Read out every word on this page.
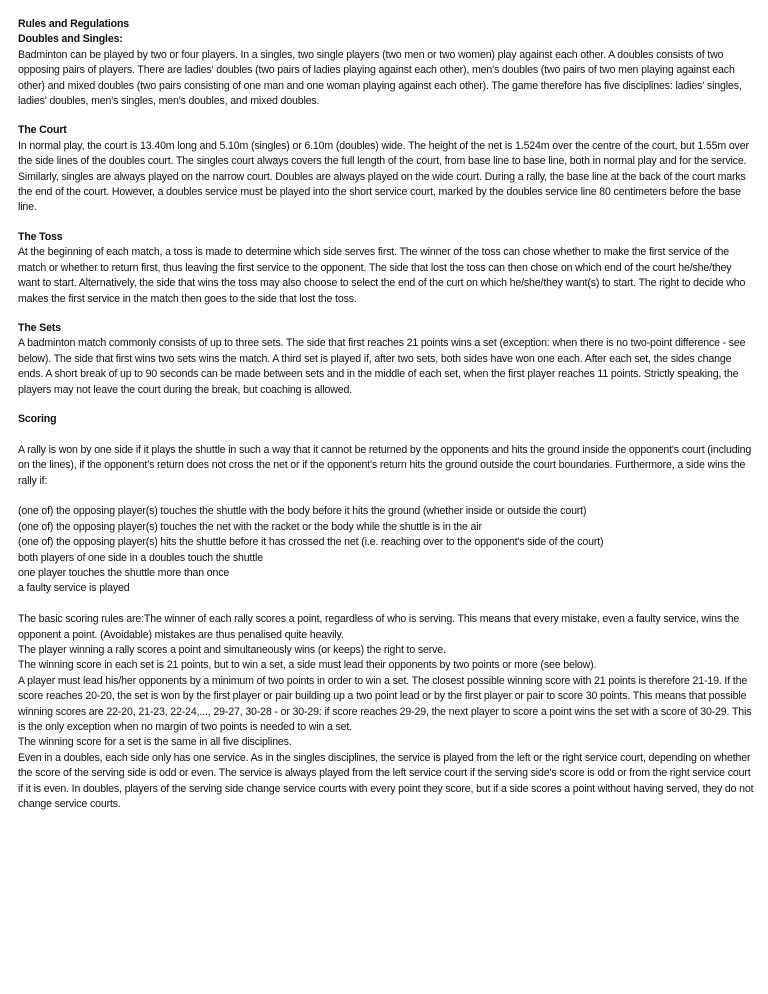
Rules and Regulations

Doubles and Singles:

Badminton can be played by two or four players. In a singles, two single players (two men or two women) play against each other. A doubles consists of two opposing pairs of players. There are ladies' doubles (two pairs of ladies playing against each other), men's doubles (two pairs of two men playing against each other) and mixed doubles (two pairs consisting of one man and one woman playing against each other). The game therefore has five disciplines: ladies' singles, ladies' doubles, men's singles, men's doubles, and mixed doubles.

The Court

In normal play, the court is 13.40m long and 5.10m (singles) or 6.10m (doubles) wide. The height of the net is 1.524m over the centre of the court, but 1.55m over the side lines of the doubles court. The singles court always covers the full length of the court, from base line to base line, both in normal play and for the service. Similarly, singles are always played on the narrow court. Doubles are always played on the wide court. During a rally, the base line at the back of the court marks the end of the court. However, a doubles service must be played into the short service court, marked by the doubles service line 80 centimeters before the base line.

The Toss

At the beginning of each match, a toss is made to determine which side serves first. The winner of the toss can chose whether to make the first service of the match or whether to return first, thus leaving the first service to the opponent. The side that lost the toss can then chose on which end of the court he/she/they want to start. Alternatively, the side that wins the toss may also choose to select the end of the curt on which he/she/they want(s) to start. The right to decide who makes the first service in the match then goes to the side that lost the toss.

The Sets

A badminton match commonly consists of up to three sets. The side that first reaches 21 points wins a set (exception: when there is no two-point difference - see below). The side that first wins two sets wins the match. A third set is played if, after two sets, both sides have won one each. After each set, the sides change ends. A short break of up to 90 seconds can be made between sets and in the middle of each set, when the first player reaches 11 points. Strictly speaking, the players may not leave the court during the break, but coaching is allowed.

Scoring

A rally is won by one side if it plays the shuttle in such a way that it cannot be returned by the opponents and hits the ground inside the opponent's court (including on the lines), if the opponent's return does not cross the net or if the opponent's return hits the ground outside the court boundaries. Furthermore, a side wins the rally if:

(one of) the opposing player(s) touches the shuttle with the body before it hits the ground (whether inside or outside the court)

(one of) the opposing player(s) touches the net with the racket or the body while the shuttle is in the air

(one of) the opposing player(s) hits the shuttle before it has crossed the net (i.e. reaching over to the opponent's side of the court)

both players of one side in a doubles touch the shuttle

one player touches the shuttle more than once

a faulty service is played

The basic scoring rules are:The winner of each rally scores a point, regardless of who is serving. This means that every mistake, even a faulty service, wins the opponent a point. (Avoidable) mistakes are thus penalised quite heavily.

The player winning a rally scores a point and simultaneously wins (or keeps) the right to serve.

The winning score in each set is 21 points, but to win a set, a side must lead their opponents by two points or more (see below).

A player must lead his/her opponents by a minimum of two points in order to win a set. The closest possible winning score with 21 points is therefore 21-19. If the score reaches 20-20, the set is won by the first player or pair building up a two point lead or by the first player or pair to score 30 points. This means that possible winning scores are 22-20, 21-23, 22-24,..., 29-27, 30-28 - or 30-29: if score reaches 29-29, the next player to score a point wins the set with a score of 30-29. This is the only exception when no margin of two points is needed to win a set.

The winning score for a set is the same in all five disciplines.

Even in a doubles, each side only has one service. As in the singles disciplines, the service is played from the left or the right service court, depending on whether the score of the serving side is odd or even. The service is always played from the left service court if the serving side's score is odd or from the right service court if it is even. In doubles, players of the serving side change service courts with every point they score, but if a side scores a point without having served, they do not change service courts.
